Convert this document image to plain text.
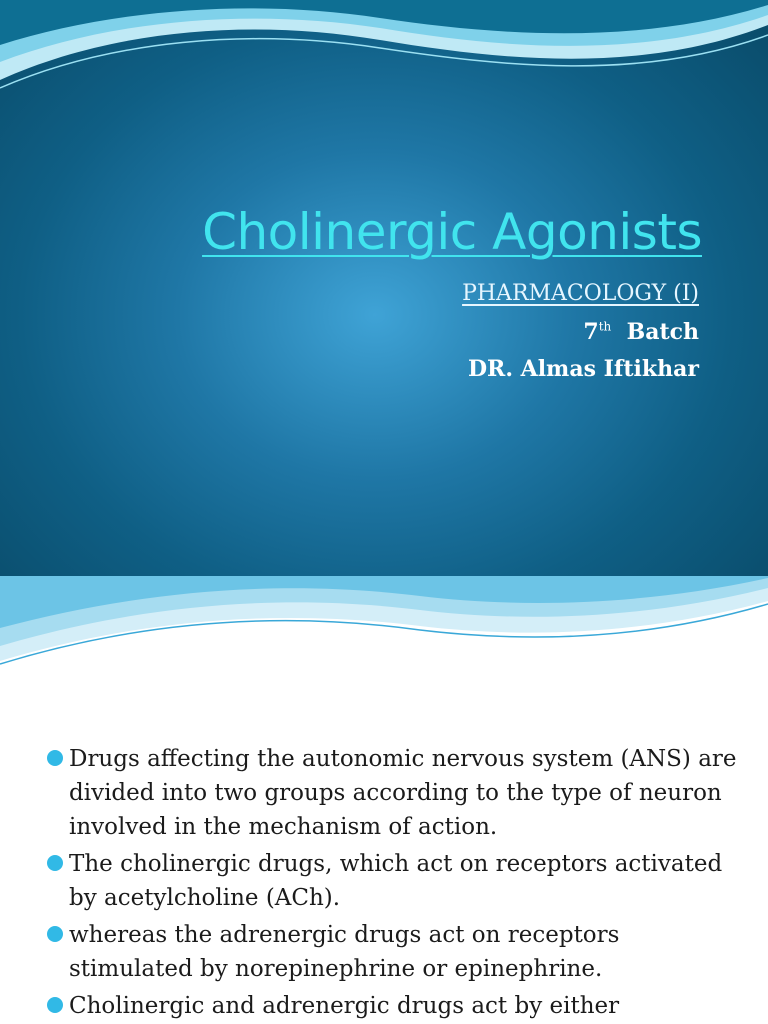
Cholinergic Agonists
PHARMACOLOGY (I)
7th Batch
DR. Almas Iftikhar
Drugs affecting the autonomic nervous system (ANS) are divided into two groups according to the type of neuron involved in the mechanism of action.
The cholinergic drugs, which act on receptors activated by acetylcholine (ACh).
whereas the adrenergic drugs act on receptors stimulated by norepinephrine or epinephrine.
Cholinergic and adrenergic drugs act by either
